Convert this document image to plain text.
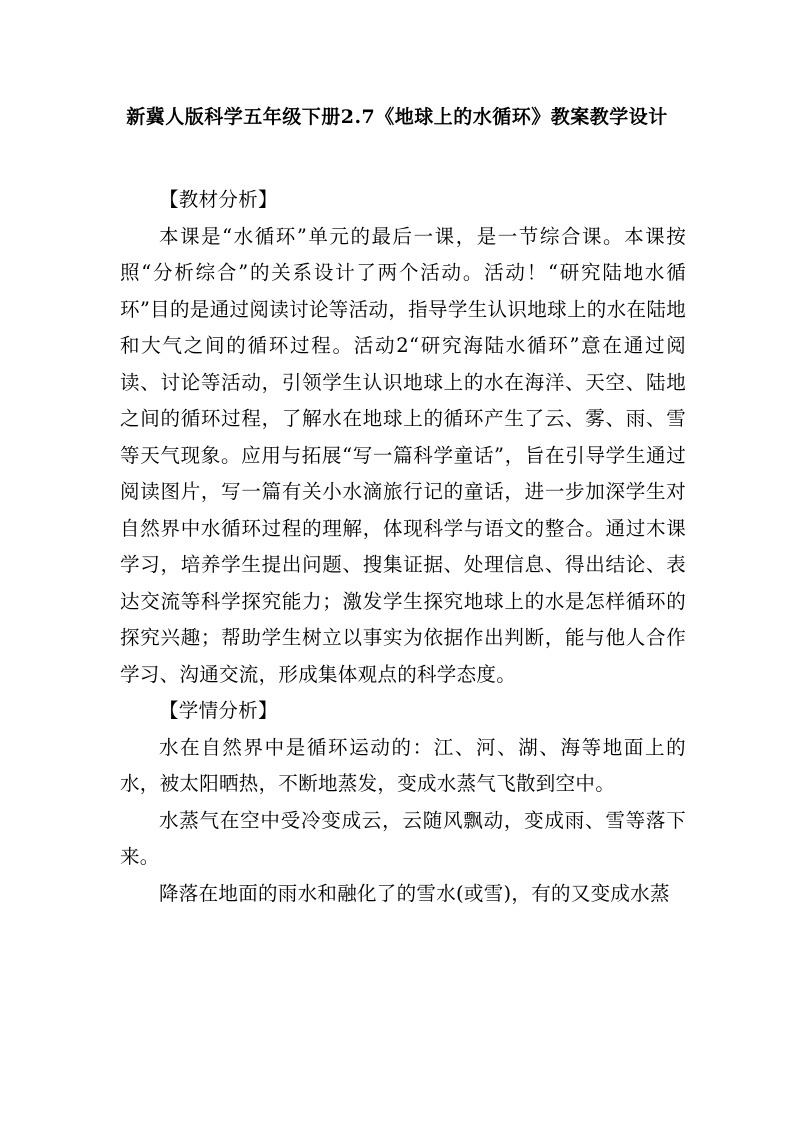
新冀人版科学五年级下册2.7《地球上的水循环》教案教学设计

【教材分析】

本课是“水循环”单元的最后一课，是一节综合课。本课按照“分析综合”的关系设计了两个活动。活动！“研究陆地水循环”目的是通过阅读讨论等活动，指导学生认识地球上的水在陆地和大气之间的循环过程。活动2“研究海陆水循环”意在通过阅读、讨论等活动，引领学生认识地球上的水在海洋、天空、陆地之间的循环过程，了解水在地球上的循环产生了云、雾、雨、雪等天气现象。应用与拓展“写一篇科学童话”，旨在引导学生通过阅读图片，写一篇有关小水滴旅行记的童话，进一步加深学生对自然界中水循环过程的理解，体现科学与语文的整合。通过木课学习，培养学生提出问题、搜集证据、处理信息、得出结论、表达交流等科学探究能力；激发学生探究地球上的水是怎样循环的探究兴趣；帮助学生树立以事实为依据作出判断，能与他人合作学习、沟通交流，形成集体观点的科学态度。

【学情分析】

水在自然界中是循环运动的：江、河、湖、海等地面上的水，被太阳晒热，不断地蒸发，变成水蒸气飞散到空中。

水蒸气在空中受冷变成云，云随风飘动，变成雨、雪等落下来。

降落在地面的雨水和融化了的雪水(或雪)，有的又变成水蒸
